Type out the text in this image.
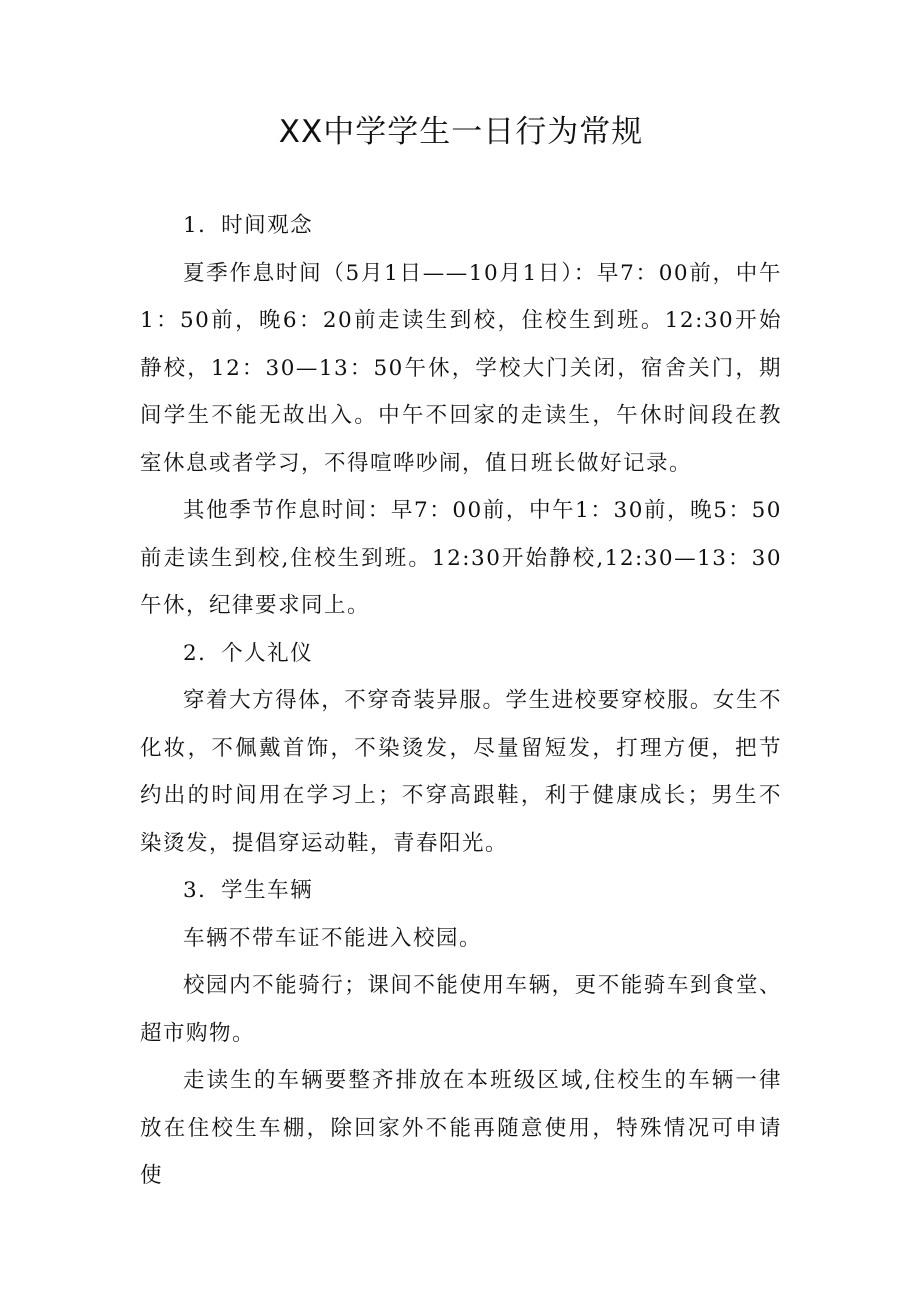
XX中学学生一日行为常规

1．时间观念

夏季作息时间（5月1日——10月1日）：早7：00前，中午1：50前，晚6：20前走读生到校，住校生到班。12:30开始静校，12：30—13：50午休，学校大门关闭，宿舍关门，期间学生不能无故出入。中午不回家的走读生，午休时间段在教室休息或者学习，不得喧哗吵闹，值日班长做好记录。

其他季节作息时间：早7：00前，中午1：30前，晚5：50前走读生到校,住校生到班。12:30开始静校,12:30—13：30午休，纪律要求同上。

2．个人礼仪

穿着大方得体，不穿奇装异服。学生进校要穿校服。女生不化妆，不佩戴首饰，不染烫发，尽量留短发，打理方便，把节约出的时间用在学习上；不穿高跟鞋，利于健康成长；男生不染烫发，提倡穿运动鞋，青春阳光。

3．学生车辆

车辆不带车证不能进入校园。

校园内不能骑行；课间不能使用车辆，更不能骑车到食堂、超市购物。

走读生的车辆要整齐排放在本班级区域,住校生的车辆一律放在住校生车棚，除回家外不能再随意使用，特殊情况可申请使
